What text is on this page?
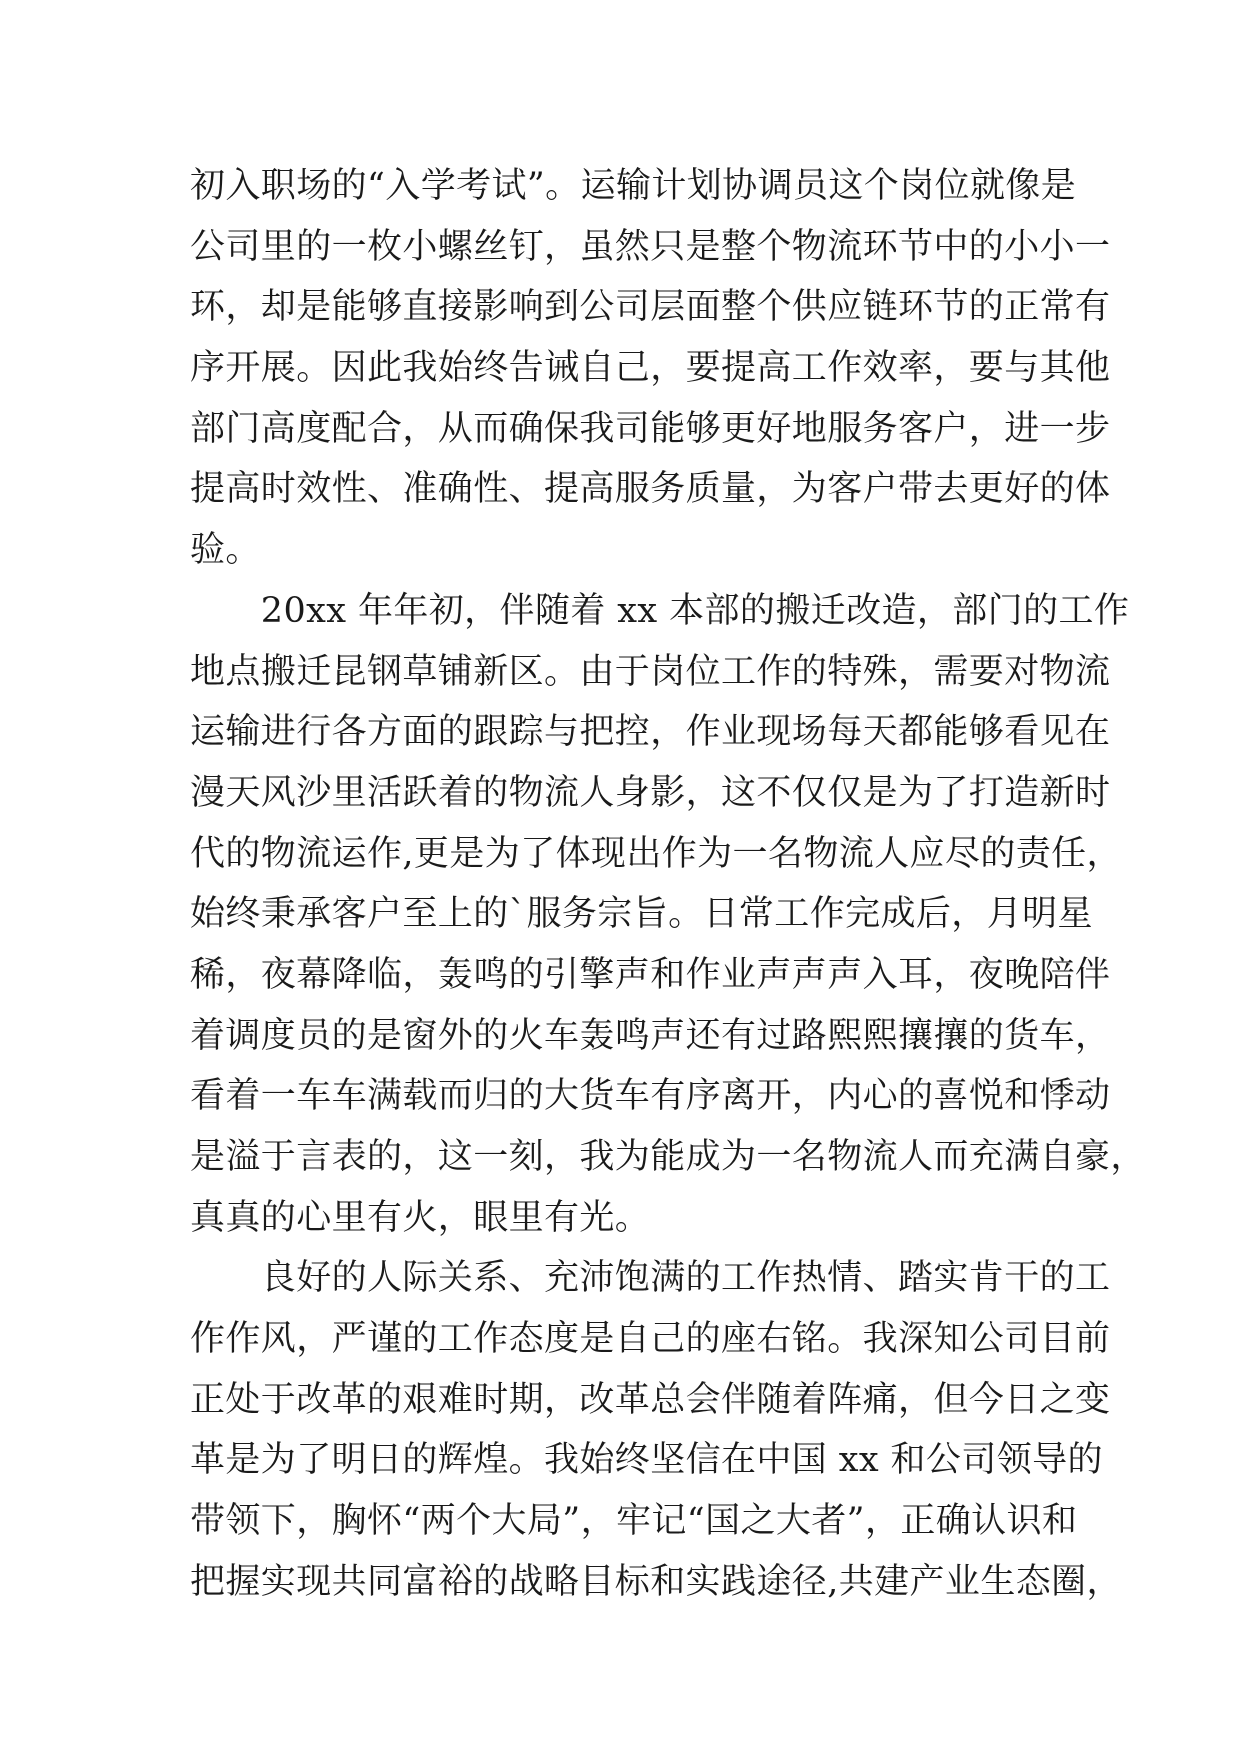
初入职场的“入学考试”。运输计划协调员这个岗位就像是
公司里的一枚小螺丝钉，虽然只是整个物流环节中的小小一
环，却是能够直接影响到公司层面整个供应链环节的正常有
序开展。因此我始终告诫自己，要提高工作效率，要与其他
部门高度配合，从而确保我司能够更好地服务客户，进一步
提高时效性、准确性、提高服务质量，为客户带去更好的体
验。
　　20xx 年年初，伴随着 xx 本部的搬迁改造，部门的工作
地点搬迁昆钢草铺新区。由于岗位工作的特殊，需要对物流
运输进行各方面的跟踪与把控，作业现场每天都能够看见在
漫天风沙里活跃着的物流人身影，这不仅仅是为了打造新时
代的物流运作,更是为了体现出作为一名物流人应尽的责任，
始终秉承客户至上的`服务宗旨。日常工作完成后，月明星
稀，夜幕降临，轰鸣的引擎声和作业声声声入耳，夜晚陪伴
着调度员的是窗外的火车轰鸣声还有过路熙熙攘攘的货车，
看着一车车满载而归的大货车有序离开，内心的喜悦和悸动
是溢于言表的，这一刻，我为能成为一名物流人而充满自豪，
真真的心里有火，眼里有光。
　　良好的人际关系、充沛饱满的工作热情、踏实肯干的工
作作风，严谨的工作态度是自己的座右铭。我深知公司目前
正处于改革的艰难时期，改革总会伴随着阵痛，但今日之变
革是为了明日的辉煌。我始终坚信在中国 xx 和公司领导的
带领下，胸怀“两个大局”，牢记“国之大者”，正确认识和
把握实现共同富裕的战略目标和实践途径,共建产业生态圈，
